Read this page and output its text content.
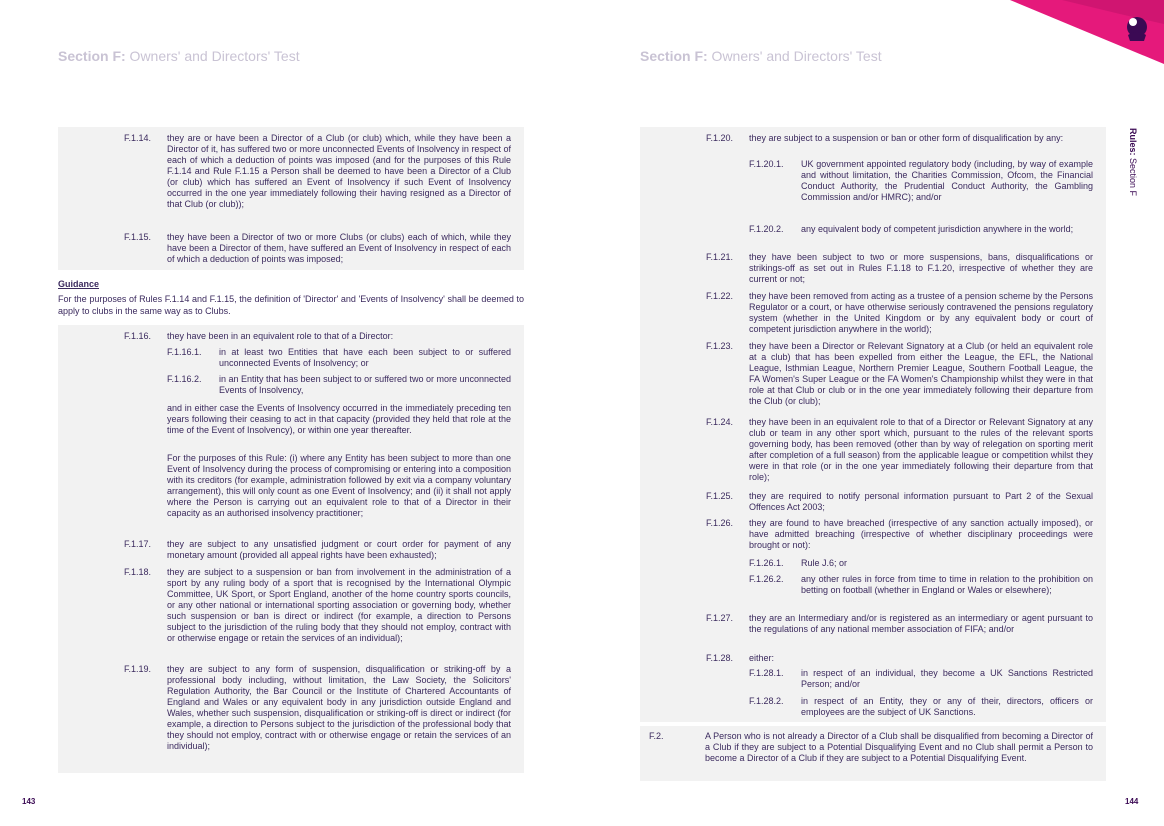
Section F: Owners' and Directors' Test	Section F: Owners' and Directors' Test
Rules: Section F
F.1.14. they are or have been a Director of a Club (or club) which, while they have been a Director of it, has suffered two or more unconnected Events of Insolvency in respect of each of which a deduction of points was imposed (and for the purposes of this Rule F.1.14 and Rule F.1.15 a Person shall be deemed to have been a Director of a Club (or club) which has suffered an Event of Insolvency if such Event of Insolvency occurred in the one year immediately following their having resigned as a Director of that Club (or club));
F.1.15. they have been a Director of two or more Clubs (or clubs) each of which, while they have been a Director of them, have suffered an Event of Insolvency in respect of each of which a deduction of points was imposed;
Guidance
For the purposes of Rules F.1.14 and F.1.15, the definition of 'Director' and 'Events of Insolvency' shall be deemed to apply to clubs in the same way as to Clubs.
F.1.16. they have been in an equivalent role to that of a Director:
F.1.16.1. in at least two Entities that have each been subject to or suffered unconnected Events of Insolvency; or
F.1.16.2. in an Entity that has been subject to or suffered two or more unconnected Events of Insolvency,
and in either case the Events of Insolvency occurred in the immediately preceding ten years following their ceasing to act in that capacity (provided they held that role at the time of the Event of Insolvency), or within one year thereafter.
For the purposes of this Rule: (i) where any Entity has been subject to more than one Event of Insolvency during the process of compromising or entering into a composition with its creditors (for example, administration followed by exit via a company voluntary arrangement), this will only count as one Event of Insolvency; and (ii) it shall not apply where the Person is carrying out an equivalent role to that of a Director in their capacity as an authorised insolvency practitioner;
F.1.17. they are subject to any unsatisfied judgment or court order for payment of any monetary amount (provided all appeal rights have been exhausted);
F.1.18. they are subject to a suspension or ban from involvement in the administration of a sport by any ruling body of a sport that is recognised by the International Olympic Committee, UK Sport, or Sport England, another of the home country sports councils, or any other national or international sporting association or governing body, whether such suspension or ban is direct or indirect (for example, a direction to Persons subject to the jurisdiction of the ruling body that they should not employ, contract with or otherwise engage or retain the services of an individual);
F.1.19. they are subject to any form of suspension, disqualification or striking-off by a professional body including, without limitation, the Law Society, the Solicitors' Regulation Authority, the Bar Council or the Institute of Chartered Accountants of England and Wales or any equivalent body in any jurisdiction outside England and Wales, whether such suspension, disqualification or striking-off is direct or indirect (for example, a direction to Persons subject to the jurisdiction of the professional body that they should not employ, contract with or otherwise engage or retain the services of an individual);
F.1.20. they are subject to a suspension or ban or other form of disqualification by any:
F.1.20.1. UK government appointed regulatory body (including, by way of example and without limitation, the Charities Commission, Ofcom, the Financial Conduct Authority, the Prudential Conduct Authority, the Gambling Commission and/or HMRC); and/or
F.1.20.2. any equivalent body of competent jurisdiction anywhere in the world;
F.1.21. they have been subject to two or more suspensions, bans, disqualifications or strikings-off as set out in Rules F.1.18 to F.1.20, irrespective of whether they are current or not;
F.1.22. they have been removed from acting as a trustee of a pension scheme by the Persons Regulator or a court, or have otherwise seriously contravened the pensions regulatory system (whether in the United Kingdom or by any equivalent body or court of competent jurisdiction anywhere in the world);
F.1.23. they have been a Director or Relevant Signatory at a Club (or held an equivalent role at a club) that has been expelled from either the League, the EFL, the National League, Isthmian League, Northern Premier League, Southern Football League, the FA Women's Super League or the FA Women's Championship whilst they were in that role at that Club or club or in the one year immediately following their departure from the Club (or club);
F.1.24. they have been in an equivalent role to that of a Director or Relevant Signatory at any club or team in any other sport which, pursuant to the rules of the relevant sports governing body, has been removed (other than by way of relegation on sporting merit after completion of a full season) from the applicable league or competition whilst they were in that role (or in the one year immediately following their departure from that role);
F.1.25. they are required to notify personal information pursuant to Part 2 of the Sexual Offences Act 2003;
F.1.26. they are found to have breached (irrespective of any sanction actually imposed), or have admitted breaching (irrespective of whether disciplinary proceedings were brought or not):
F.1.26.1. Rule J.6; or
F.1.26.2. any other rules in force from time to time in relation to the prohibition on betting on football (whether in England or Wales or elsewhere);
F.1.27. they are an Intermediary and/or is registered as an intermediary or agent pursuant to the regulations of any national member association of FIFA; and/or
F.1.28. either:
F.1.28.1. in respect of an individual, they become a UK Sanctions Restricted Person; and/or
F.1.28.2. in respect of an Entity, they or any of their, directors, officers or employees are the subject of UK Sanctions.
F.2.	A Person who is not already a Director of a Club shall be disqualified from becoming a Director of a Club if they are subject to a Potential Disqualifying Event and no Club shall permit a Person to become a Director of a Club if they are subject to a Potential Disqualifying Event.
143	144
